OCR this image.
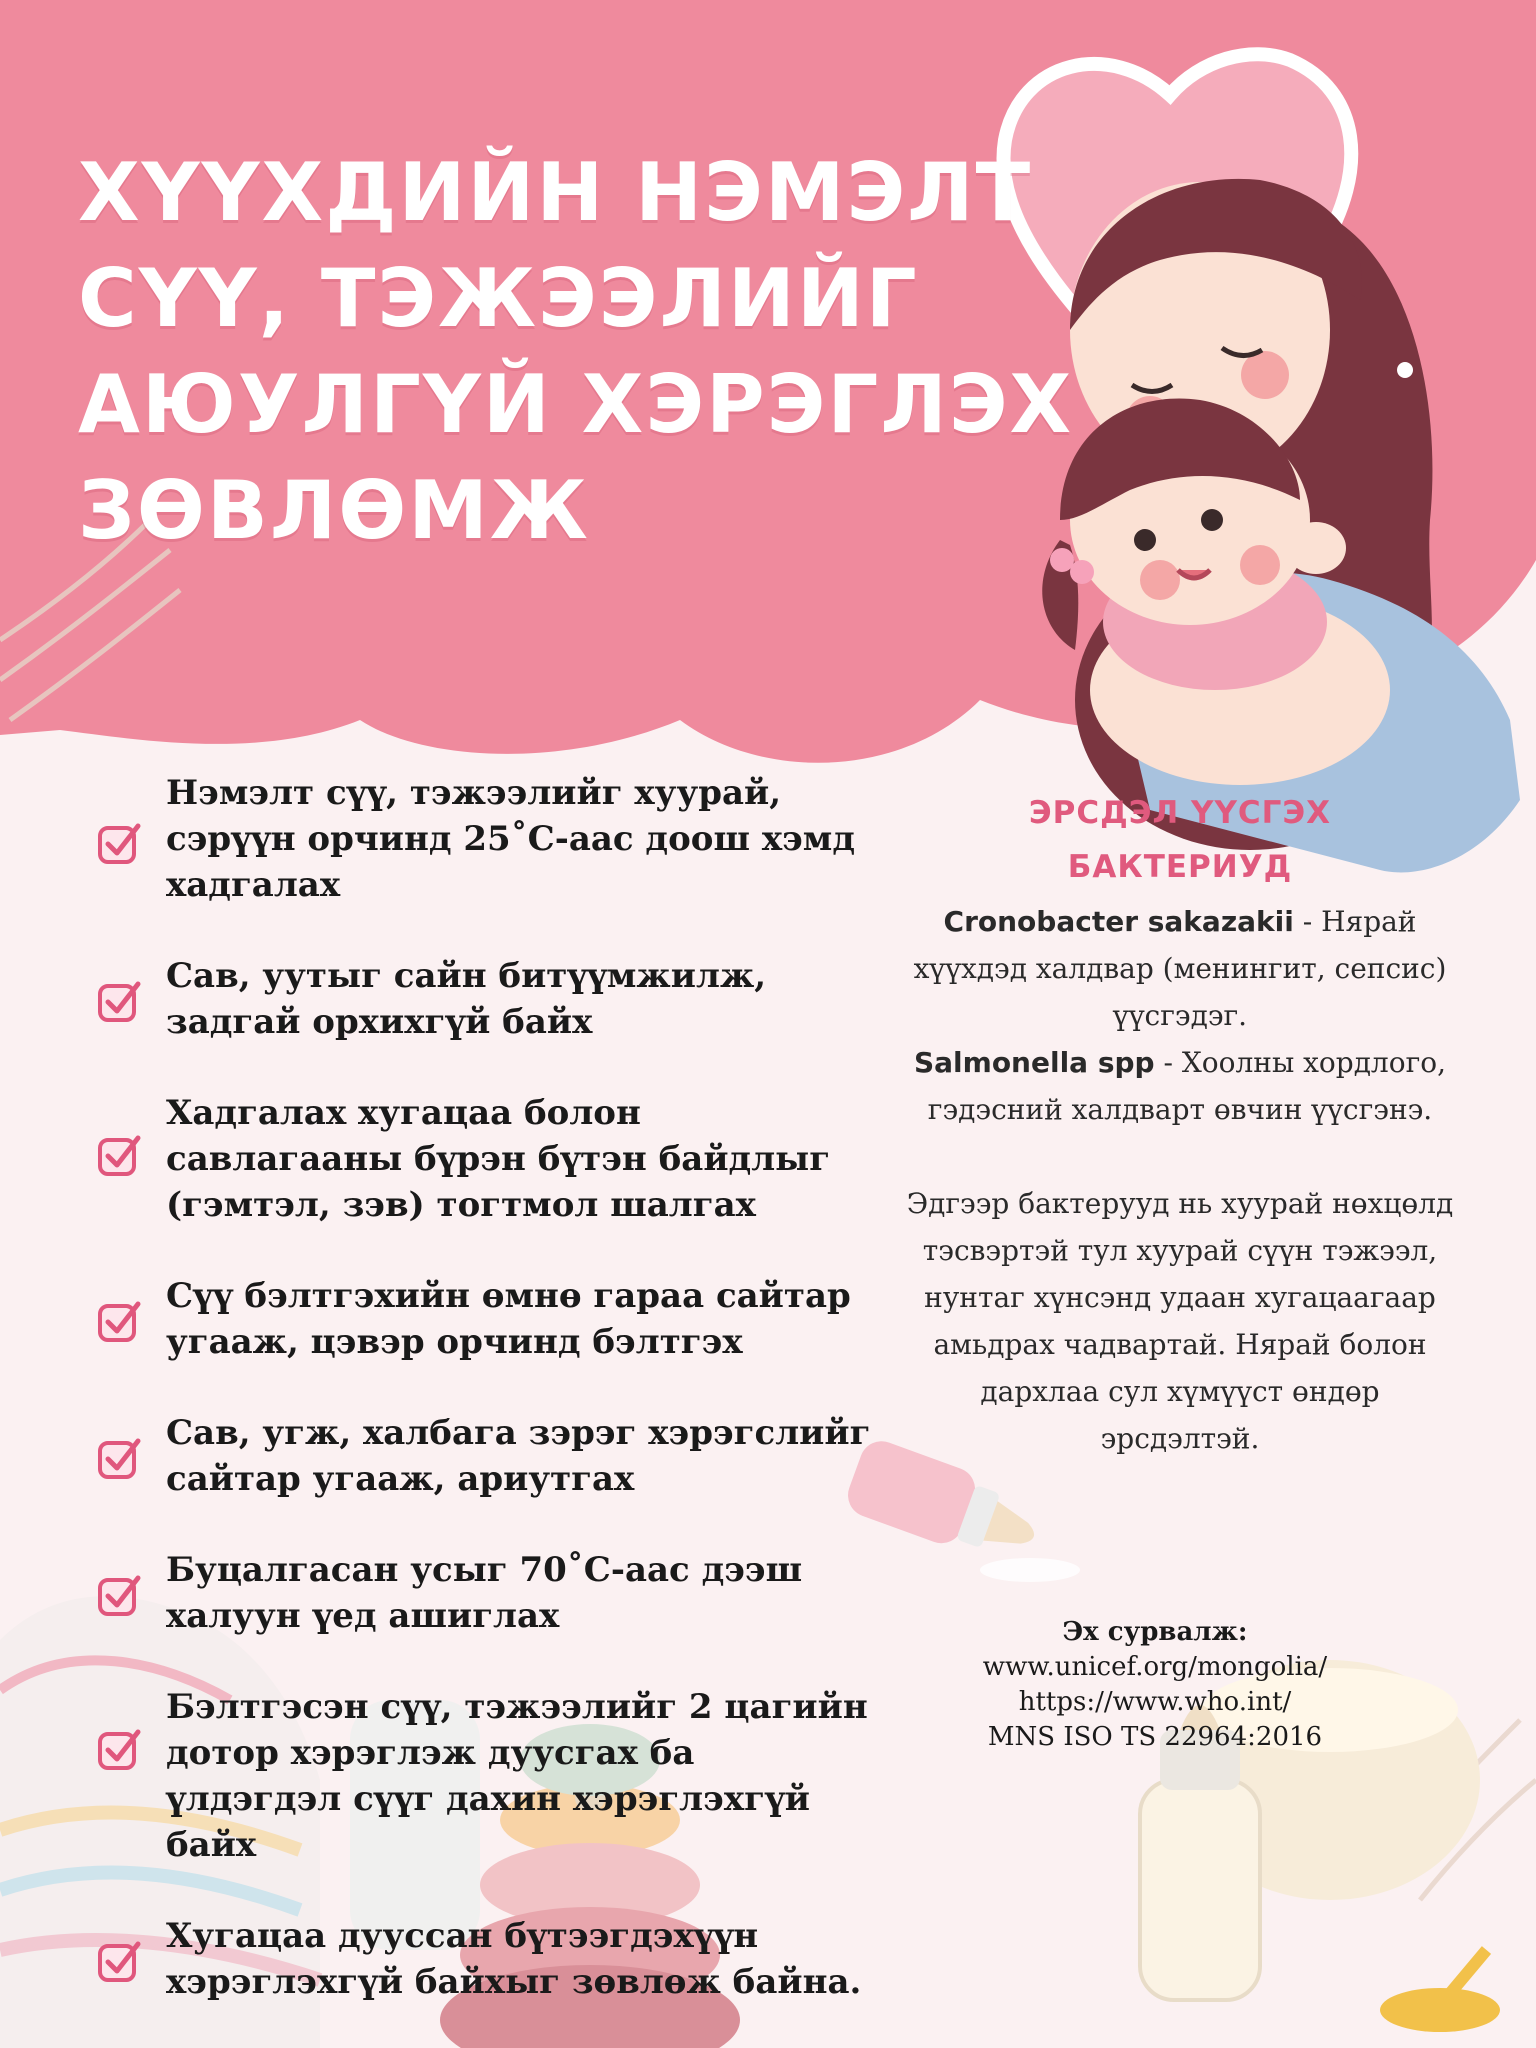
ХҮҮХДИЙН НЭМЭЛТ СҮҮ, ТЭЖЭЭЛИЙГ АЮУЛГҮЙ ХЭРЭГЛЭХ ЗӨВЛӨМЖ
Нэмэлт сүү, тэжээлийг хуурай, сэрүүн орчинд 25˚С-аас доош хэмд хадгалах
Сав, уутыг сайн битүүмжилж, задгай орхихгүй байх
Хадгалах хугацаа болон савлагааны бүрэн бүтэн байдлыг (гэмтэл, зэв) тогтмол шалгах
Сүү бэлтгэхийн өмнө гараа сайтар угааж, цэвэр орчинд бэлтгэх
Сав, угж, халбага зэрэг хэрэгслийг сайтар угааж, ариутгах
Буцалгасан усыг 70˚С-аас дээш халуун үед ашиглах
Бэлтгэсэн сүү, тэжээлийг 2 цагийн дотор хэрэглэж дуусгах ба үлдэгдэл сүүг дахин хэрэглэхгүй байх
Хугацаа дууссан бүтээгдэхүүн хэрэглэхгүй байхыг зөвлөж байна.
ЭРСДЭЛ ҮҮСГЭХ БАКТЕРИУД

Cronobacter sakazakii - Нярай хүүхдэд халдвар (менингит, сепсис) үүсгэдэг.

Salmonella spp - Хоолны хордлого, гэдэсний халдварт өвчин үүсгэнэ.

Эдгээр бактерууд нь хуурай нөхцөлд тэсвэртэй тул хуурай сүүн тэжээл, нунтаг хүнсэнд удаан хугацаагаар амьдрах чадвартай. Нярай болон дархлаа сул хүмүүст өндөр эрсдэлтэй.

Эх сурвалж:
www.unicef.org/mongolia/
https://www.who.int/
MNS ISO TS 22964:2016
